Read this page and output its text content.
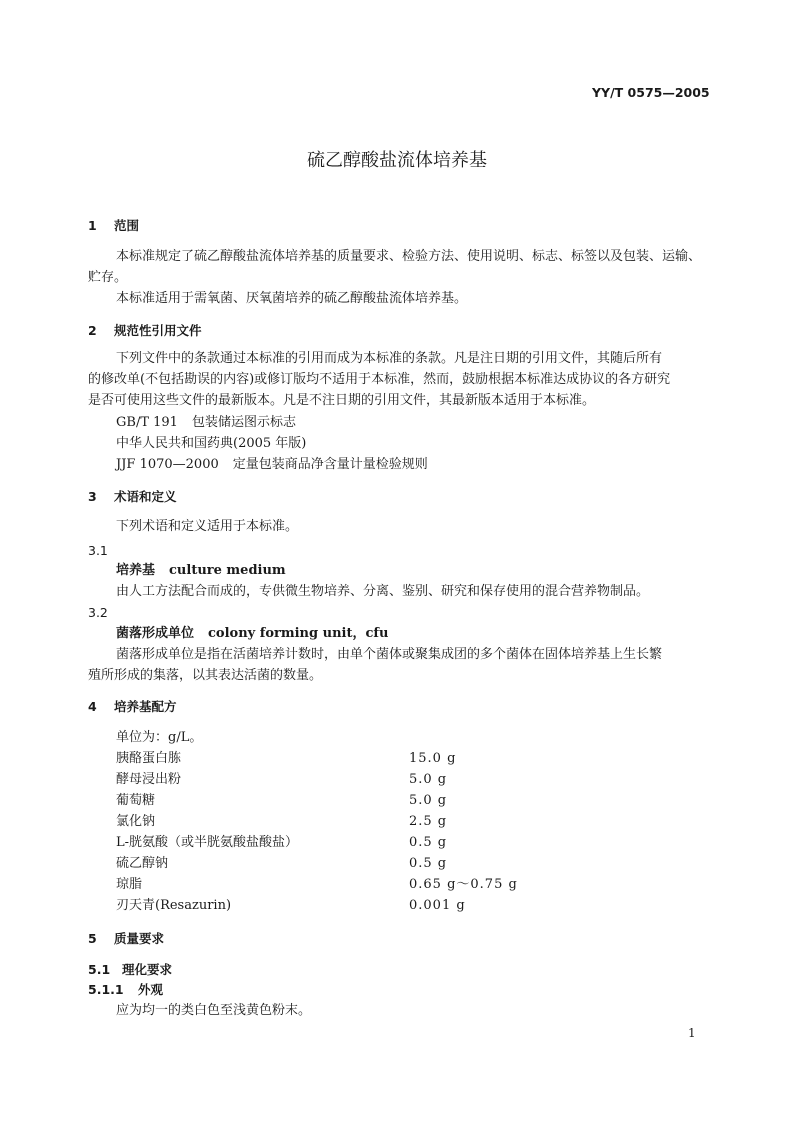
YY/T 0575—2005
硫乙醇酸盐流体培养基
1 范围
本标准规定了硫乙醇酸盐流体培养基的质量要求、检验方法、使用说明、标志、标签以及包装、运输、
贮存。
本标准适用于需氧菌、厌氧菌培养的硫乙醇酸盐流体培养基。
2 规范性引用文件
下列文件中的条款通过本标准的引用而成为本标准的条款。凡是注日期的引用文件，其随后所有
的修改单(不包括勘误的内容)或修订版均不适用于本标准，然而，鼓励根据本标准达成协议的各方研究
是否可使用这些文件的最新版本。凡是不注日期的引用文件，其最新版本适用于本标准。
GB/T 191 包装储运图示标志
中华人民共和国药典(2005 年版)
JJF 1070—2000 定量包装商品净含量计量检验规则
3 术语和定义
下列术语和定义适用于本标准。
3.1
培养基 culture medium
由人工方法配合而成的，专供微生物培养、分离、鉴别、研究和保存使用的混合营养物制品。
3.2
菌落形成单位 colony forming unit，cfu
菌落形成单位是指在活菌培养计数时，由单个菌体或聚集成团的多个菌体在固体培养基上生长繁
殖所形成的集落，以其表达活菌的数量。
4 培养基配方
单位为：g/L。
胰酪蛋白胨	15.0 g
酵母浸出粉	5.0 g
葡萄糖	5.0 g
氯化钠	2.5 g
L-胱氨酸（或半胱氨酸盐酸盐）	0.5 g
硫乙醇钠	0.5 g
琼脂	0.65 g～0.75 g
刃天青(Resazurin)	0.001 g
5 质量要求
5.1 理化要求
5.1.1 外观
应为均一的类白色至浅黄色粉末。
1
